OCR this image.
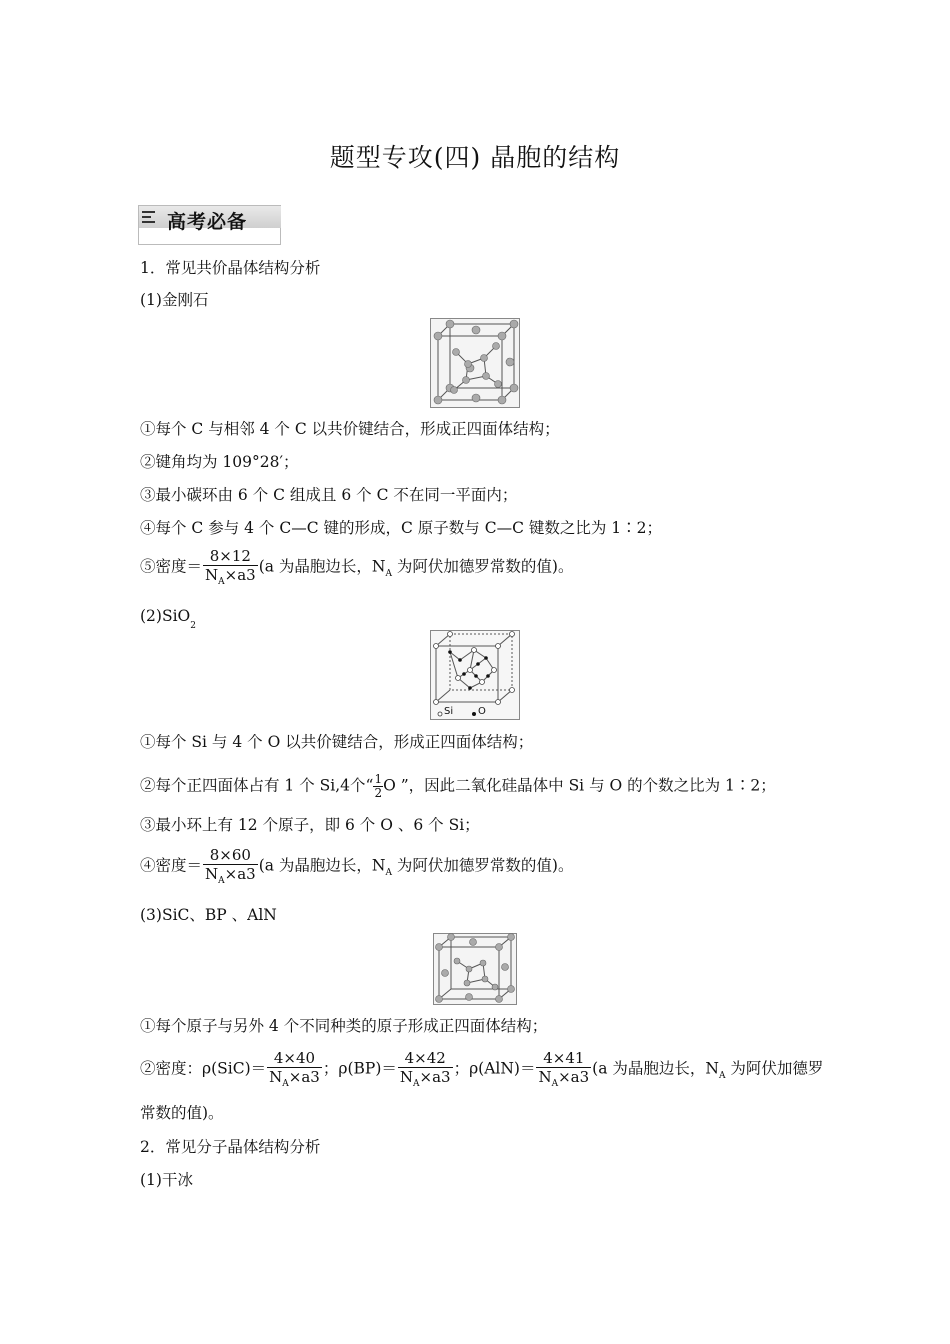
题型专攻(四) 晶胞的结构
高考必备
1．常见共价晶体结构分析
(1)金刚石
①每个 C 与相邻 4 个 C 以共价键结合，形成正四面体结构；
②键角均为 109°28′；
③最小碳环由 6 个 C 组成且 6 个 C 不在同一平面内；
④每个 C 参与 4 个 C—C 键的形成，C 原子数与 C—C 键数之比为 1∶2；
⑤密度＝ $\frac{8\times 12}{N_A\times a3} (a$ 为晶胞边长，$N_A$ 为阿伏加德罗常数的值)。
(2)SiO$_2$
Si O
①每个 Si 与 4 个 O 以共价键结合，形成正四面体结构；
②每个正四面体占有 1 个 Si,4个“ $\frac{1}{2}$ O ”，因此二氧化硅晶体中 Si 与 O 的个数之比为 1∶2；
③最小环上有 12 个原子，即 6 个 O 、6 个 Si；
④密度＝ $\frac{8\times 60}{N_A\times a3} (a$ 为晶胞边长，$N_A$ 为阿伏加德罗常数的值)。
(3)SiC、BP 、AlN
①每个原子与另外 4 个不同种类的原子形成正四面体结构；
②密度：$\rho(SiC)= \frac{4\times 40}{N_A\times a3}$ ；$\rho(BP)= \frac{4\times 42}{N_A\times a3}$ ；$\rho(AlN)= \frac{4\times 41}{N_A\times a3} (a$ 为晶胞边长，$N_A$ 为阿伏加德罗
常数的值)。
2．常见分子晶体结构分析
(1)干冰
